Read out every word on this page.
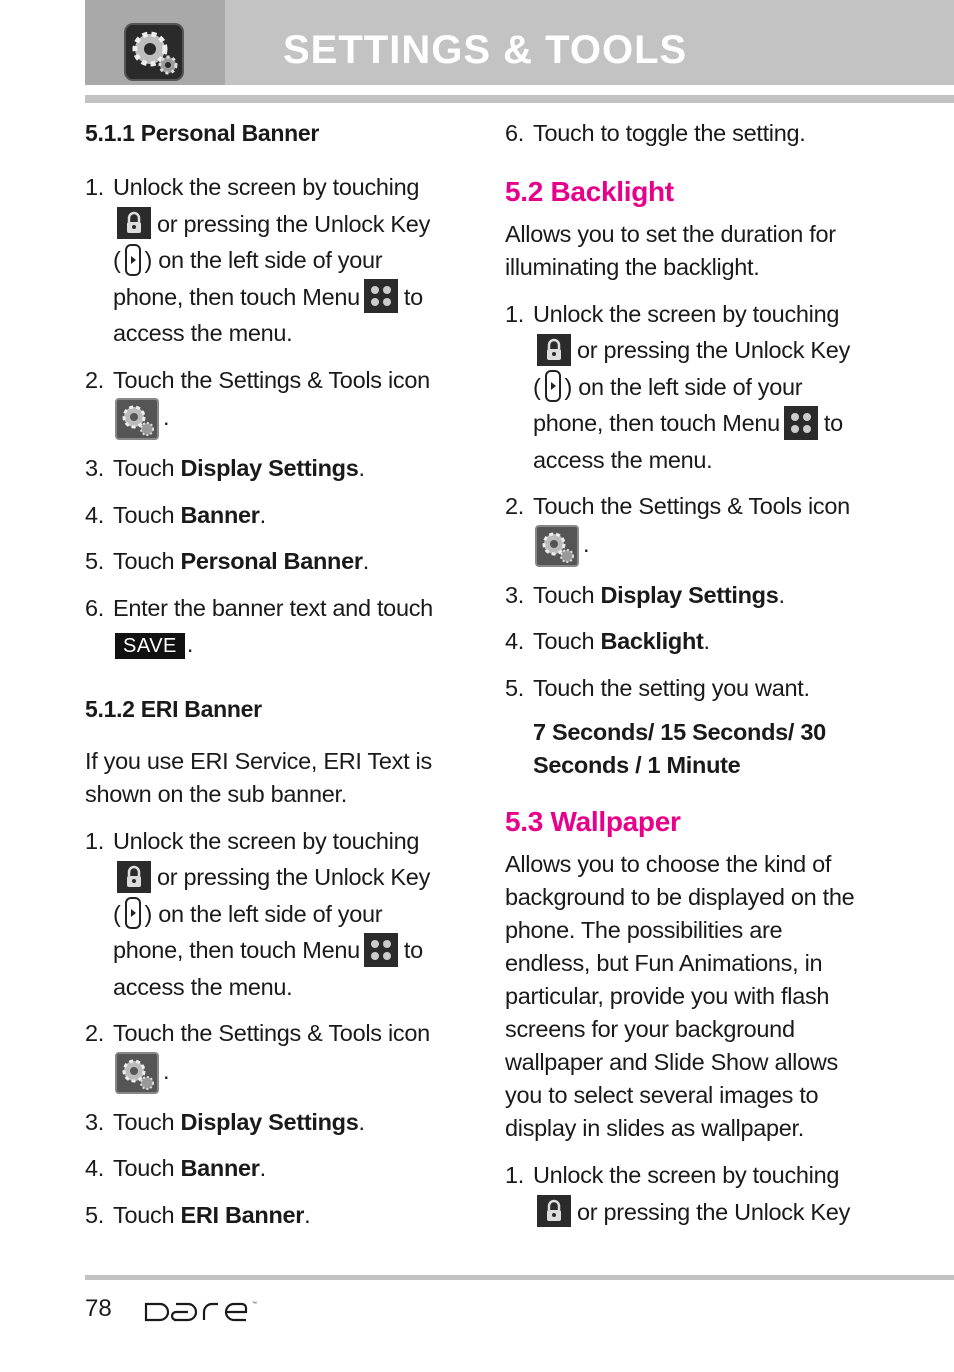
SETTINGS & TOOLS
5.1.1 Personal Banner
1. Unlock the screen by touching
or pressing the Unlock Key
( ) on the left side of your
phone, then touch Menu to
access the menu.
2. Touch the Settings & Tools icon
.
3. Touch Display Settings.
4. Touch Banner.
5. Touch Personal Banner.
6. Enter the banner text and touch
SAVE .
5.1.2 ERI Banner
If you use ERI Service, ERI Text is shown on the sub banner.
1. Unlock the screen by touching
or pressing the Unlock Key
( ) on the left side of your
phone, then touch Menu to
access the menu.
2. Touch the Settings & Tools icon
.
3. Touch Display Settings.
4. Touch Banner.
5. Touch ERI Banner.
6. Touch to toggle the setting.
5.2 Backlight
Allows you to set the duration for illuminating the backlight.
1. Unlock the screen by touching
or pressing the Unlock Key
( ) on the left side of your
phone, then touch Menu to
access the menu.
2. Touch the Settings & Tools icon
.
3. Touch Display Settings.
4. Touch Backlight.
5. Touch the setting you want.
7 Seconds/ 15 Seconds/ 30 Seconds / 1 Minute
5.3 Wallpaper
Allows you to choose the kind of background to be displayed on the phone. The possibilities are endless, but Fun Animations, in particular, provide you with flash screens for your background wallpaper and Slide Show allows you to select several images to display in slides as wallpaper.
1. Unlock the screen by touching
or pressing the Unlock Key
78	™
